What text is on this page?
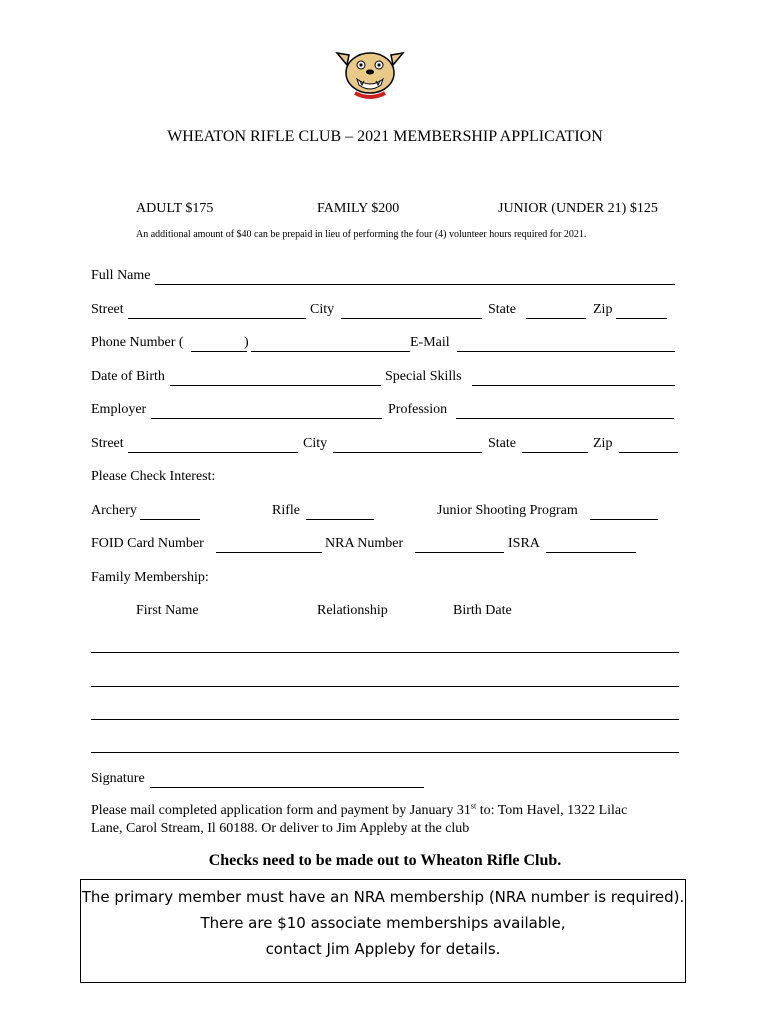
WHEATON RIFLE CLUB – 2021 MEMBERSHIP APPLICATION
ADULT $175	FAMILY $200	JUNIOR (UNDER 21) $125
An additional amount of $40 can be prepaid in lieu of performing the four (4) volunteer hours required for 2021.
Full Name
Street	City	State	Zip
Phone Number (	)	E-Mail
Date of Birth	Special Skills
Employer	Profession
Street	City	State	Zip
Please Check Interest:
Archery	Rifle	Junior Shooting Program
FOID Card Number	NRA Number	ISRA
Family Membership:
First Name	Relationship	Birth Date
Signature
Please mail completed application form and payment by January 31st to: Tom Havel, 1322 Lilac
Lane, Carol Stream, Il 60188. Or deliver to Jim Appleby at the club
Checks need to be made out to Wheaton Rifle Club.
The primary member must have an NRA membership (NRA number is required).
There are $10 associate memberships available,
contact Jim Appleby for details.
